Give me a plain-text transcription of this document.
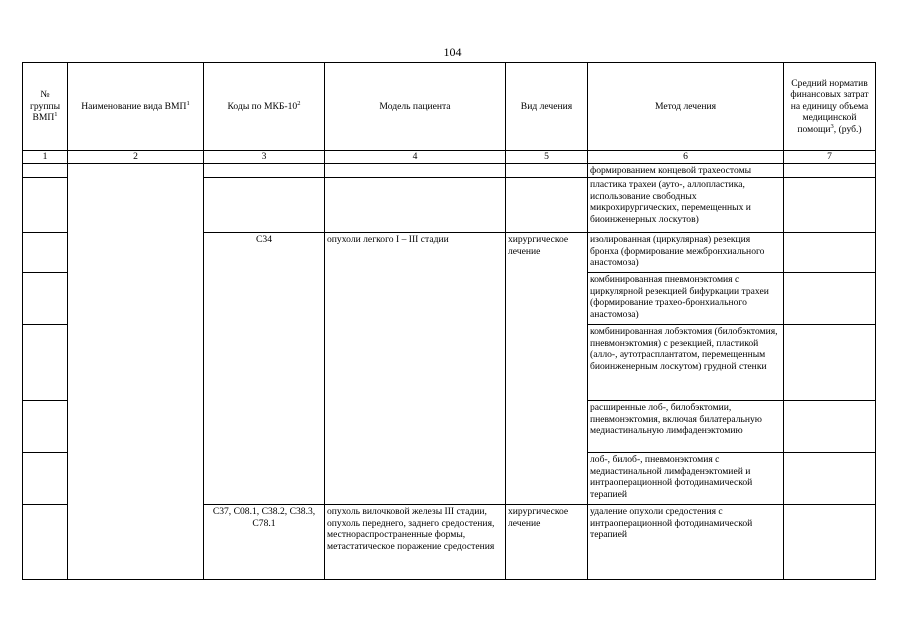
104
№ группы ВМП$^1$	Наименование вида ВМП$^1$	Коды по МКБ-$10^2$	Модель пациента	Вид лечения	Метод лечения	Средний норматив финансовых затрат на единицу объема медицинской помощи$^3$, (руб.)
1	2	3	4	5	6	7
					формированием концевой трахеостомы	
					пластика трахеи (ауто-, аллопластика, использование свободных микрохирургических, перемещенных и биоинженерных лоскутов)	
		C34	опухоли легкого I – III стадии	хирургическое лечение	изолированная (циркулярная) резекция бронха (формирование межбронхиального анастомоза)	
					комбинированная пневмонэктомия с циркулярной резекцией бифуркации трахеи (формирование трахео-бронхиального анастомоза)	
					комбинированная лобэктомия (билобэктомия, пневмонэктомия) с резекцией, пластикой (алло-, аутотрасплантатом, перемещенным биоинженерным лоскутом) грудной стенки	
					расширенные лоб-, билобэктомии, пневмонэктомия, включая билатеральную медиастинальную лимфаденэктомию	
					лоб-, билоб-, пневмонэктомия с медиастинальной лимфаденэктомией и интраоперационной фотодинамической терапией	
		C37, C08.1, C38.2, C38.3, C78.1	опухоль вилочковой железы III стадии, опухоль переднего, заднего средостения, местнораспространенные формы, метастатическое поражение средостения	хирургическое лечение	удаление опухоли средостения с интраоперационной фотодинамической терапией	
